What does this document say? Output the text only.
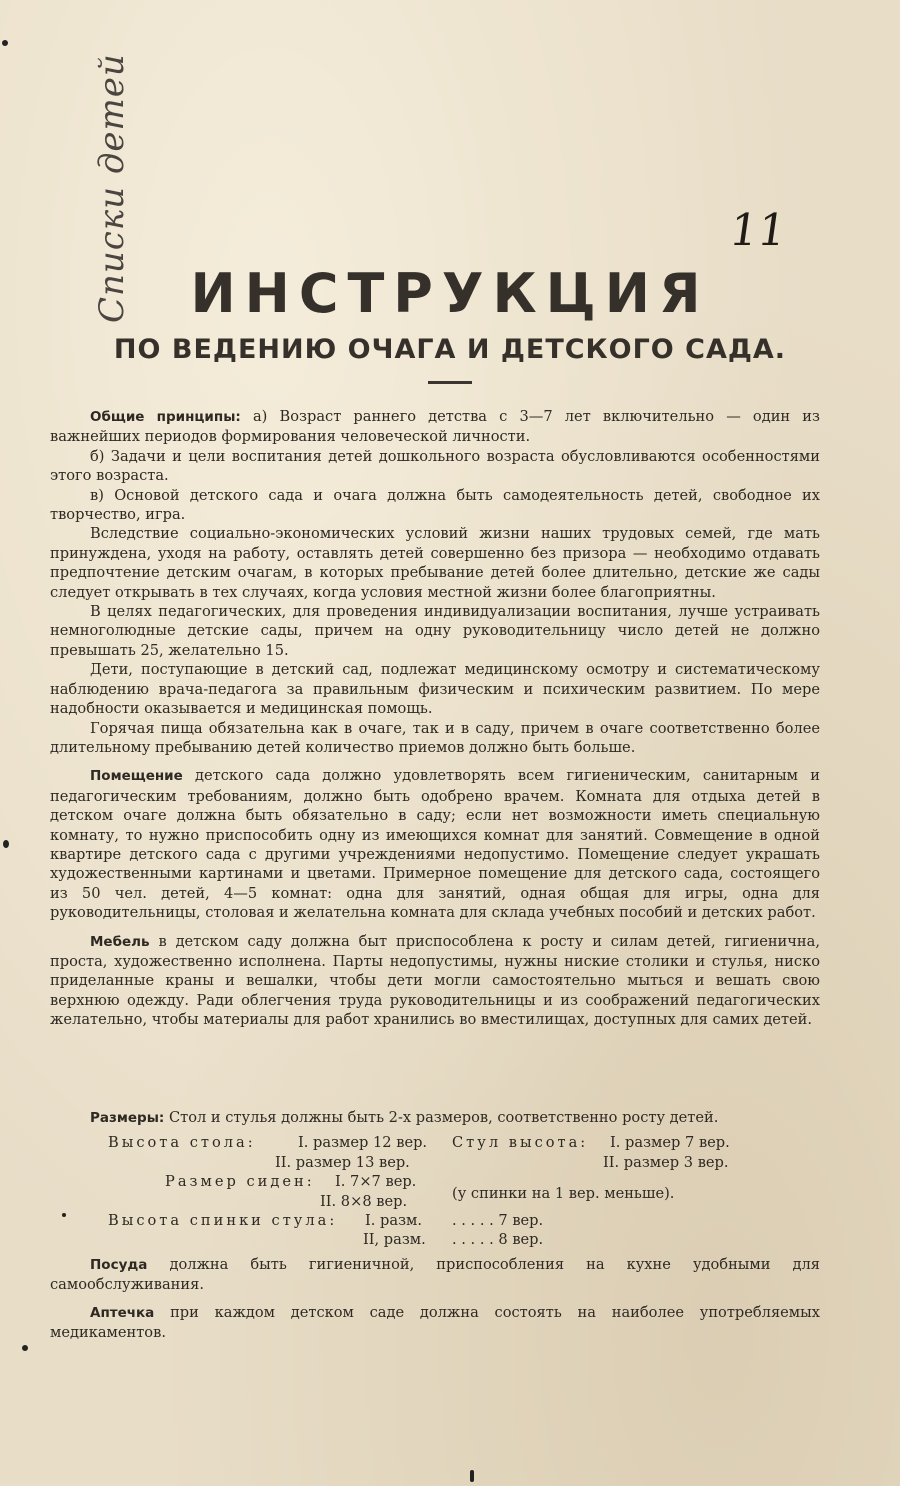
Списки детей	11
ИНСТРУКЦИЯ
ПО ВЕДЕНИЮ ОЧАГА И ДЕТСКОГО САДА.

Общие принципы: а) Возраст раннего детства с 3—7 лет включительно — один из важнейших периодов формирования человеческой личности.

б) Задачи и цели воспитания детей дошкольного возраста обусловливаются особенностями этого возраста.

в) Основой детского сада и очага должна быть самодеятельность детей, свободное их творчество, игра.

Вследствие социально-экономических условий жизни наших трудовых семей, где мать принуждена, уходя на работу, оставлять детей совершенно без призора — необходимо отдавать предпочтение детским очагам, в которых пребывание детей более длительно, детские же сады следует открывать в тех случаях, когда условия местной жизни более благоприятны.

В целях педагогических, для проведения индивидуализации воспитания, лучше устраивать немноголюдные детские сады, причем на одну руководительницу число детей не должно превышать 25, желательно 15.

Дети, поступающие в детский сад, подлежат медицинскому осмотру и систематическому наблюдению врача-педагога за правильным физическим и психическим развитием. По мере надобности оказывается и медицинская помощь.

Горячая пища обязательна как в очаге, так и в саду, причем в очаге соответственно более длительному пребыванию детей количество приемов должно быть больше.

Помещение детского сада должно удовлетворять всем гигиеническим, санитарным и педагогическим требованиям, должно быть одобрено врачем. Комната для отдыха детей в детском очаге должна быть обязательно в саду; если нет возможности иметь специальную комнату, то нужно приспособить одну из имеющихся комнат для занятий. Совмещение в одной квартире детского сада с другими учреждениями недопустимо. Помещение следует украшать художественными картинами и цветами. Примерное помещение для детского сада, состоящего из 50 чел. детей, 4—5 комнат: одна для занятий, одная общая для игры, одна для руководительницы, столовая и желательна комната для склада учебных пособий и детских работ.

Мебель в детском саду должна быт приспособлена к росту и силам детей, гигиенична, проста, художественно исполнена. Парты недопустимы, нужны ниские столики и стулья, ниско приделанные краны и вешалки, чтобы дети могли самостоятельно мыться и вешать свою верхнюю одежду. Ради облегчения труда руководительницы и из соображений педагогических желательно, чтобы материалы для работ хранились во вместилищах, доступных для самих детей.

Размеры: Стол и стулья должны быть 2-х размеров, соответственно росту детей.
Высота стола:	I. размер 12 вер. Стул высота: I. размер 7 вер.
II. размер 13 вер.	II. размер 3 вер.
Размер сиден: I. 7×7 вер.
II. 8×8 вер.	(у спинки на 1 вер. меньше).
Высота спинки стула: I. разм. . . . . . 7 вер.
II, разм. . . . . . 8 вер.

Посуда должна быть гигиеничной, приспособления на кухне удобными для самообслуживания.

Аптечка при каждом детском саде должна состоять на наиболее употребляемых медикаментов.
